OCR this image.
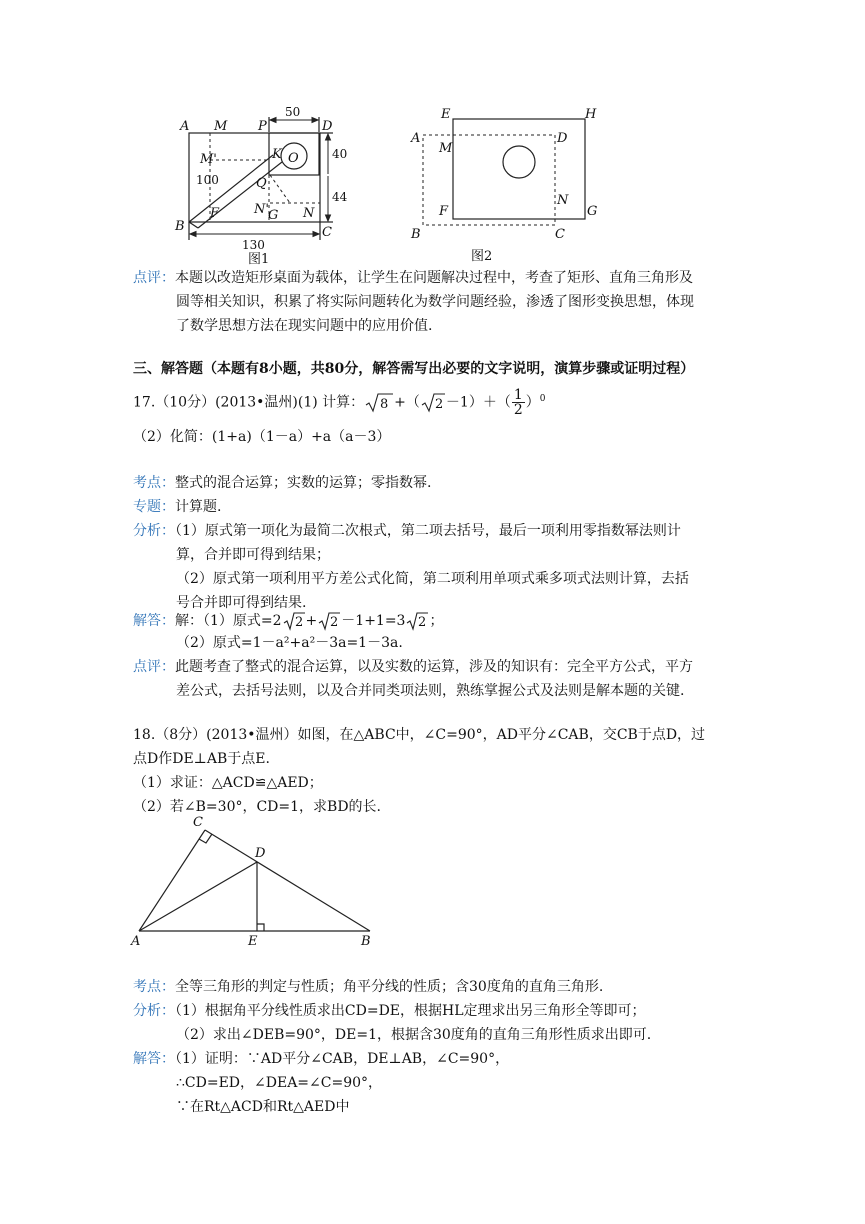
A M P	D
M'	K O
Q
F	N' G N
B	C
50
40
44
130
100
图1
E	H
A
M
D
N
F	G
B	C
图2
点评：本题以改造矩形桌面为载体，让学生在问题解决过程中，考查了矩形、直角三角形及
圆等相关知识，积累了将实际问题转化为数学问题经验，渗透了图形变换思想，体现
了数学思想方法在现实问题中的应用价值.
三、解答题（本题有8小题，共80分，解答需写出必要的文字说明，演算步骤或证明过程）
17.（10分）(2013•温州)(1) 计算： 8 +（ $2 -1)+( \frac{1}{2} )^0$
（2）化简：(1+a)（1－a）+a（a－3）
考点：整式的混合运算；实数的运算；零指数幂.
专题：计算题.
分析：（1）原式第一项化为最简二次根式，第二项去括号，最后一项利用零指数幂法则计
算，合并即可得到结果；
（2）原式第一项利用平方差公式化简，第二项利用单项式乘多项式法则计算，去括
号合并即可得到结果.
解答：解：（1）原式=2 2 + 2 －1+1=3 2 ；
（2）原式=1－a²+a²－3a=1－3a.
点评：此题考查了整式的混合运算，以及实数的运算，涉及的知识有：完全平方公式，平方
差公式，去括号法则，以及合并同类项法则，熟练掌握公式及法则是解本题的关键.
18.（8分）(2013•温州）如图，在△ABC中，∠C=90°，AD平分∠CAB，交CB于点D，过
点D作DE⊥AB于点E.
（1）求证：△ACD≌△AED；
（2）若∠B=30°，CD=1，求BD的长.
C
D
A	E	B
考点：全等三角形的判定与性质；角平分线的性质；含30度角的直角三角形.
分析：（1）根据角平分线性质求出CD=DE，根据HL定理求出另三角形全等即可；
（2）求出∠DEB=90°，DE=1，根据含30度角的直角三角形性质求出即可.
解答：（1）证明：∵AD平分∠CAB，DE⊥AB，∠C=90°，
∴CD=ED，∠DEA=∠C=90°，
∵在Rt△ACD和Rt△AED中
